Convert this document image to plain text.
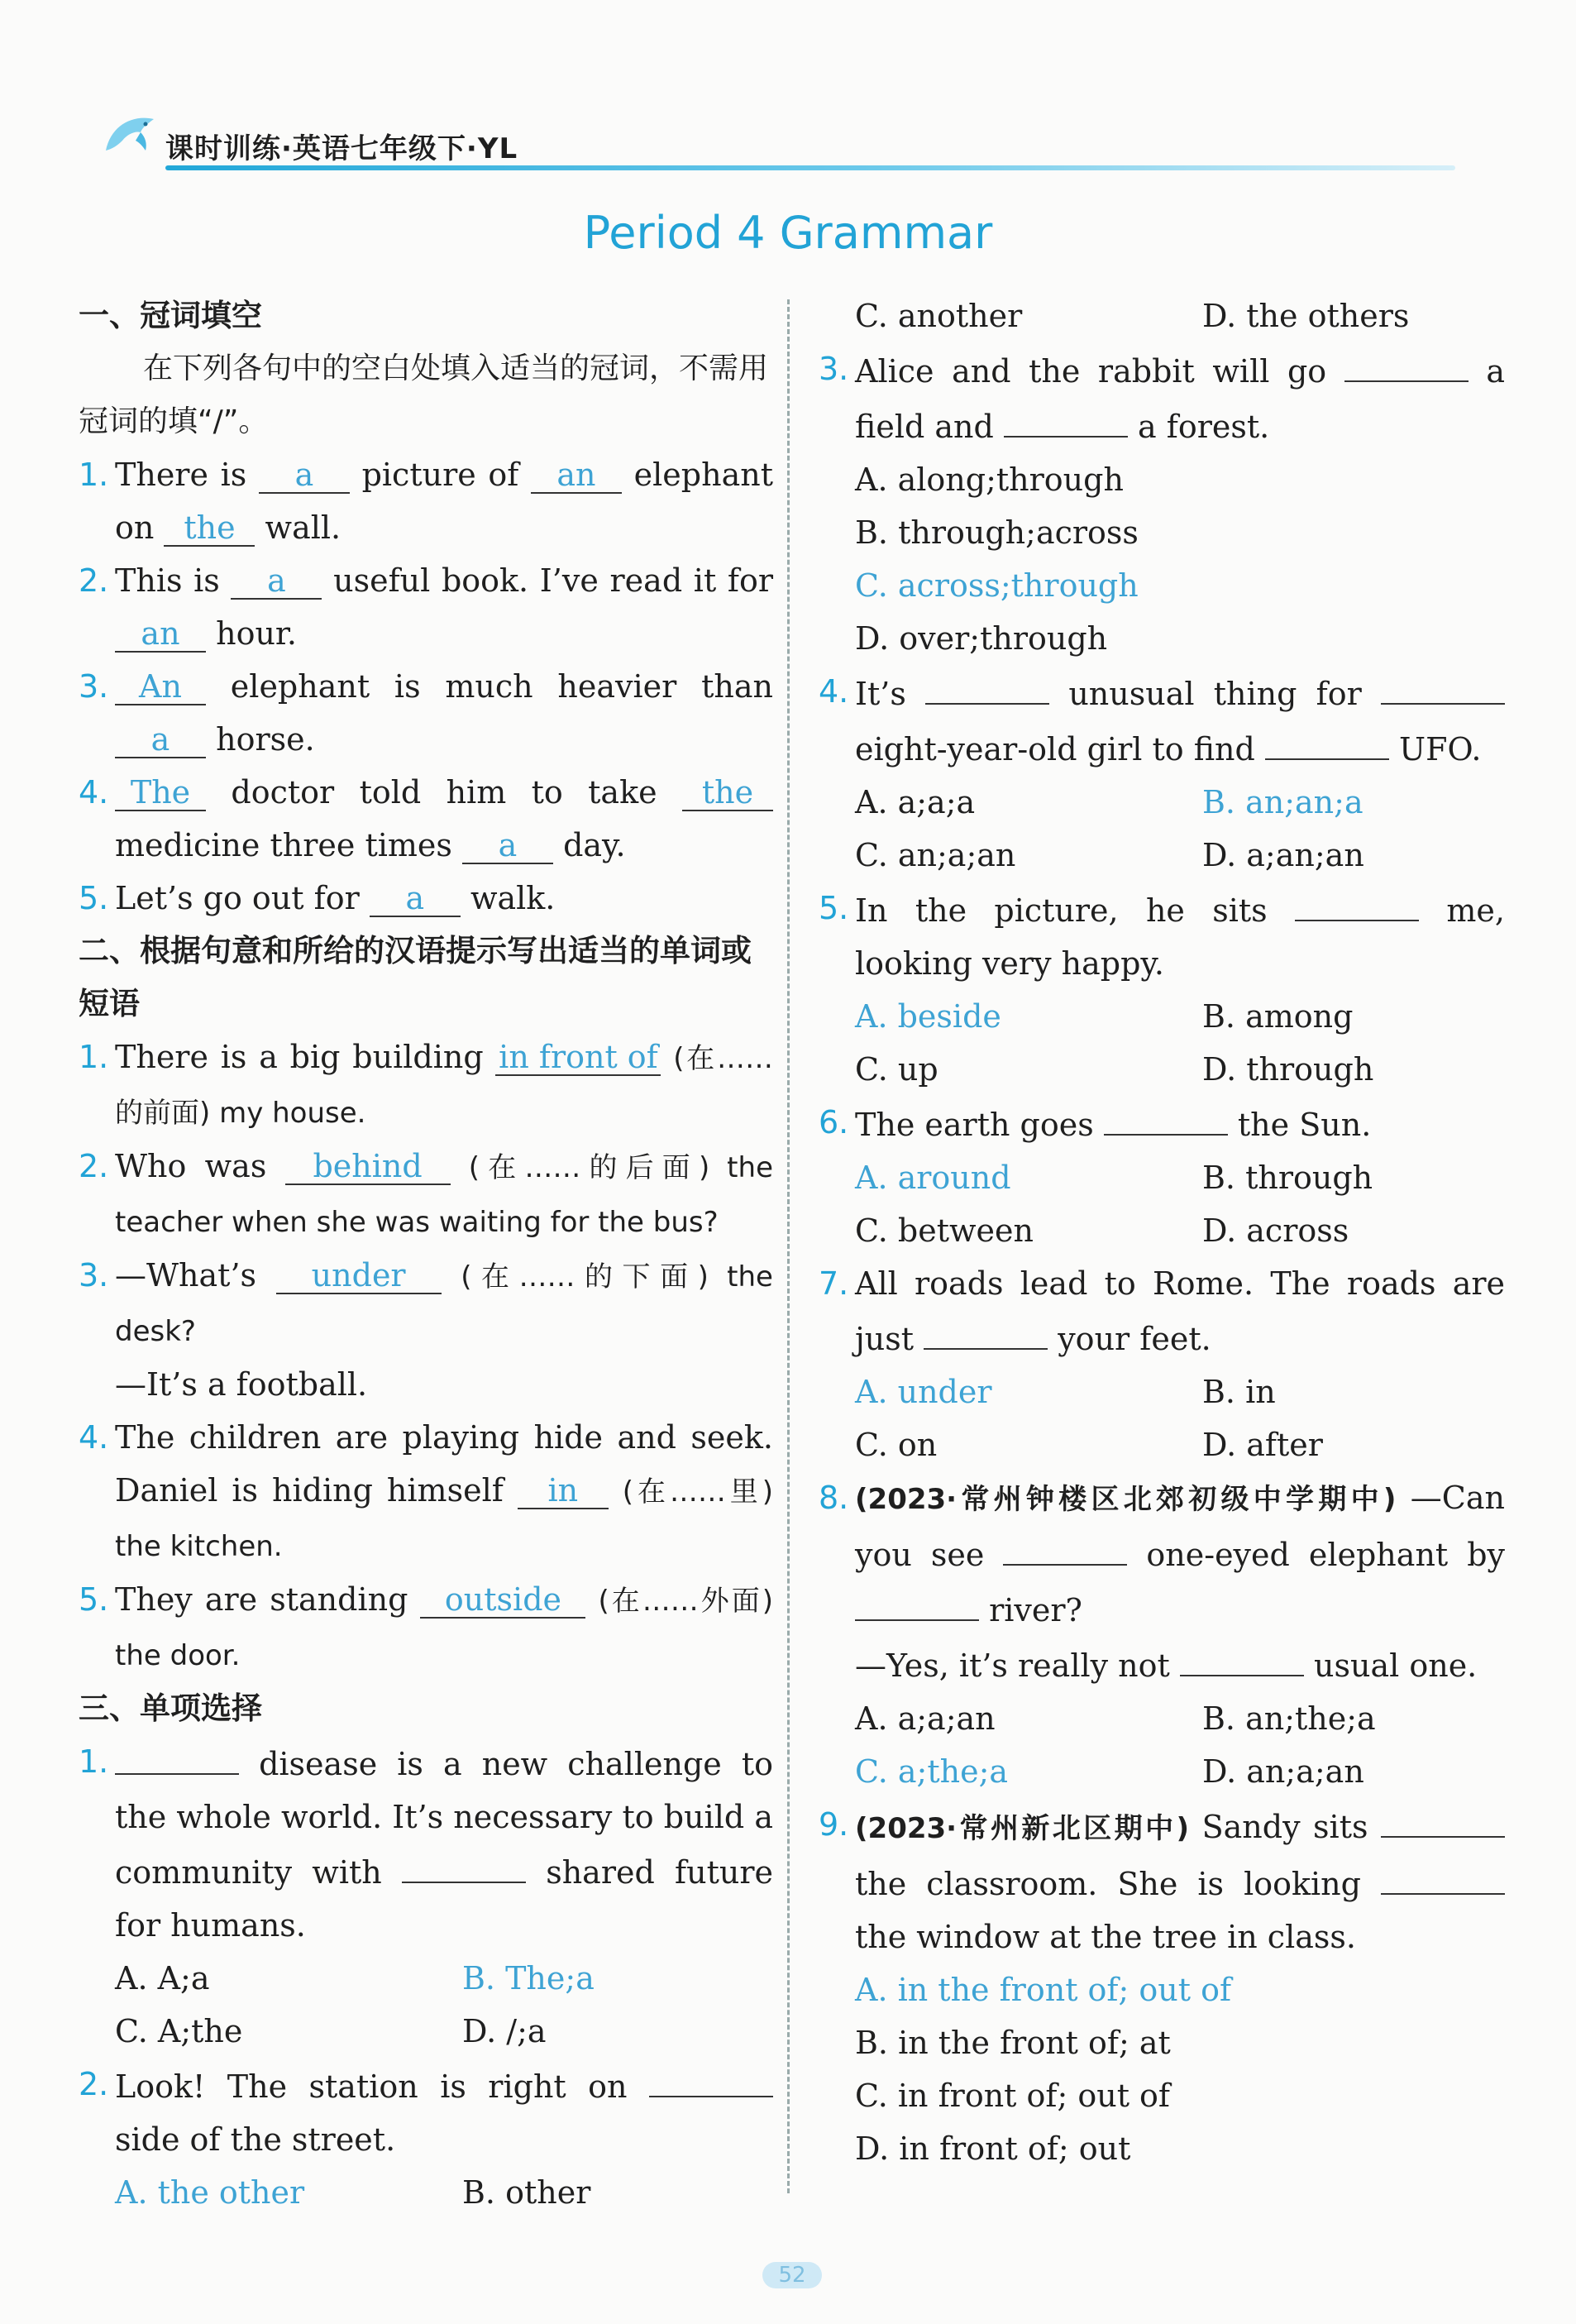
课时训练·英语七年级下·YL
Period 4 Grammar
一、冠词填空
在下列各句中的空白处填入适当的冠词，不需用冠词的填“/”。
1. There is a picture of an elephant on the wall.
2. This is a useful book. I’ve read it for an hour.
3. An elephant is much heavier than a horse.
4. The doctor told him to take the medicine three times a day.
5. Let’s go out for a walk.
二、根据句意和所给的汉语提示写出适当的单词或短语
1. There is a big building in front of (在……的前面) my house.
2. Who was behind (在……的后面) the teacher when she was waiting for the bus?
3. —What’s under (在……的下面) the desk?
—It’s a football.
4. The children are playing hide and seek. Daniel is hiding himself in (在……里) the kitchen.
5. They are standing outside (在……外面) the door.
三、单项选择
1.	disease is a new challenge to the whole world. It’s necessary to build a community with	shared future for humans.
A. A;a	B. The;a
C. A;the	D. /;a
2. Look! The station is right on  side of the street.
A. the other	B. other
C. another	D. the others
3. Alice and the rabbit will go	a field and	a forest.
A. along;through
B. through;across
C. across;through
D. over;through
4. It’s	unusual thing for  eight-year-old girl to find	UFO.
A. a;a;a	B. an;an;a
C. an;a;an	D. a;an;an
5. In the picture, he sits	me, looking very happy.
A. beside	B. among
C. up	D. through
6. The earth goes	the Sun.
A. around	B. through
C. between	D. across
7. All roads lead to Rome. The roads are just	your feet.
A. under	B. in
C. on	D. after
8. (2023·常州钟楼区北郊初级中学期中) —Can you see	one-eyed elephant by  river?
—Yes, it’s really not	usual one.
A. a;a;an	B. an;the;a
C. a;the;a	D. an;a;an
9. (2023·常州新北区期中) Sandy sits  the classroom. She is looking  the window at the tree in class.
A. in the front of; out of
B. in the front of; at
C. in front of; out of
D. in front of; out
52
